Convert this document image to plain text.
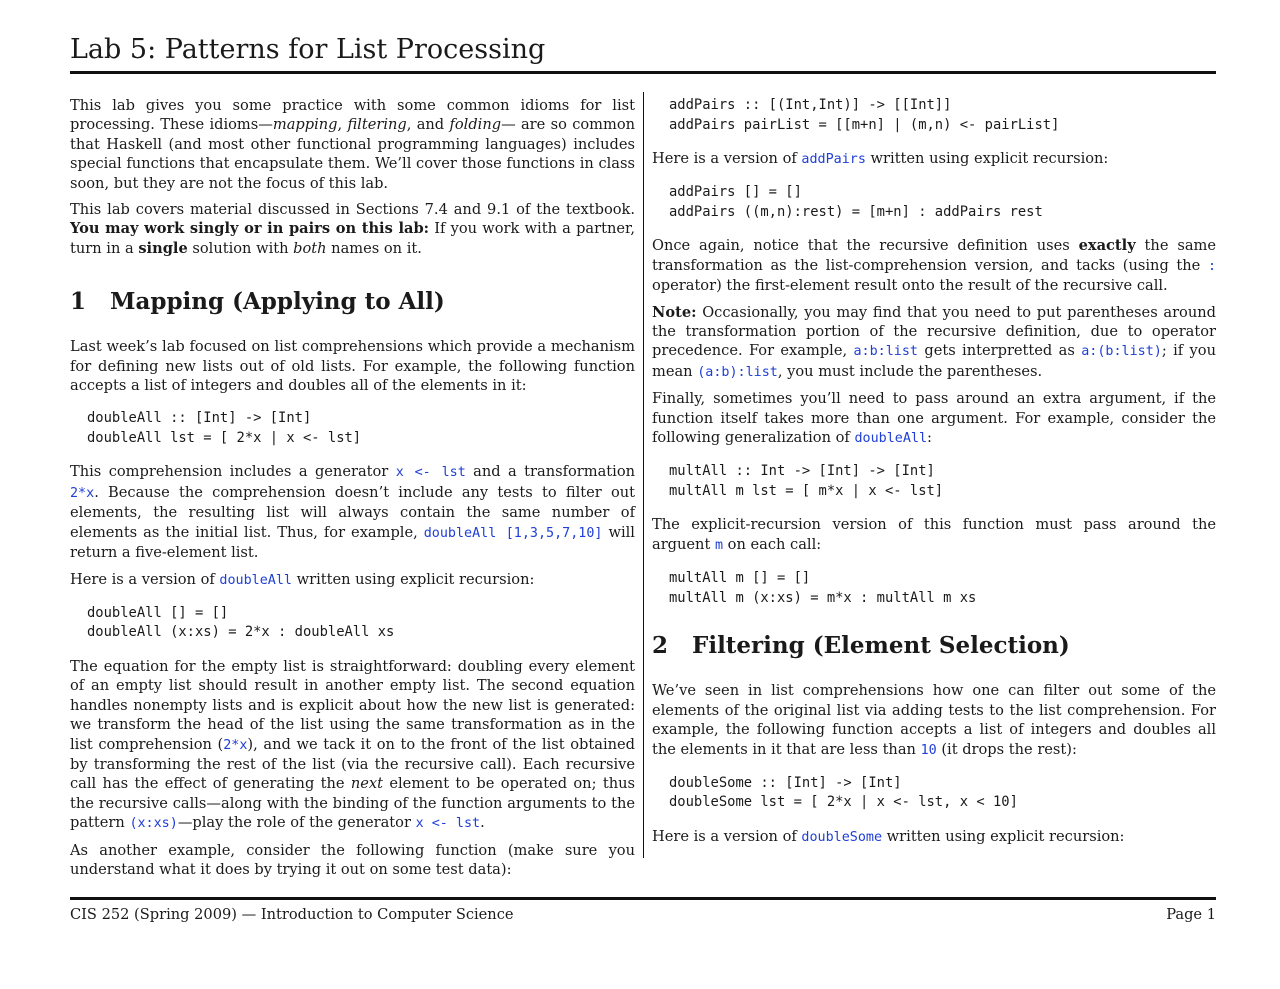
Lab 5: Patterns for List Processing

This lab gives you some practice with some common idioms for list processing. These idioms—mapping, filtering, and folding— are so common that Haskell (and most other functional programming languages) includes special functions that encapsulate them. We’ll cover those functions in class soon, but they are not the focus of this lab.

This lab covers material discussed in Sections 7.4 and 9.1 of the textbook. You may work singly or in pairs on this lab: If you work with a partner, turn in a single solution with both names on it.

1 Mapping (Applying to All)

Last week’s lab focused on list comprehensions which provide a mechanism for defining new lists out of old lists. For example, the following function accepts a list of integers and doubles all of the elements in it:

doubleAll :: [Int] -> [Int]
doubleAll lst = [ 2*x | x <- lst]

This comprehension includes a generator x <- lst and a transformation 2*x. Because the comprehension doesn’t include any tests to filter out elements, the resulting list will always contain the same number of elements as the initial list. Thus, for example, doubleAll [1,3,5,7,10] will return a five-element list.

Here is a version of doubleAll written using explicit recursion:

doubleAll [] = []
doubleAll (x:xs) = 2*x : doubleAll xs

The equation for the empty list is straightforward: doubling every element of an empty list should result in another empty list. The second equation handles nonempty lists and is explicit about how the new list is generated: we transform the head of the list using the same transformation as in the list comprehension (2*x), and we tack it on to the front of the list obtained by transforming the rest of the list (via the recursive call). Each recursive call has the effect of generating the next element to be operated on; thus the recursive calls—along with the binding of the function arguments to the pattern (x:xs)—play the role of the generator x <- lst.

As another example, consider the following function (make sure you understand what it does by trying it out on some test data):

addPairs :: [(Int,Int)] -> [[Int]]
addPairs pairList = [[m+n] | (m,n) <- pairList]

Here is a version of addPairs written using explicit recursion:

addPairs [] = []
addPairs ((m,n):rest) = [m+n] : addPairs rest

Once again, notice that the recursive definition uses exactly the same transformation as the list-comprehension version, and tacks (using the : operator) the first-element result onto the result of the recursive call.

Note: Occasionally, you may find that you need to put parentheses around the transformation portion of the recursive definition, due to operator precedence. For example, a:b:list gets interpretted as a:(b:list); if you mean (a:b):list, you must include the parentheses.

Finally, sometimes you’ll need to pass around an extra argument, if the function itself takes more than one argument. For example, consider the following generalization of doubleAll:

multAll :: Int -> [Int] -> [Int]
multAll m lst = [ m*x | x <- lst]

The explicit-recursion version of this function must pass around the arguent m on each call:

multAll m [] = []
multAll m (x:xs) = m*x : multAll m xs
2 Filtering (Element Selection)

We’ve seen in list comprehensions how one can filter out some of the elements of the original list via adding tests to the list comprehension. For example, the following function accepts a list of integers and doubles all the elements in it that are less than 10 (it drops the rest):

doubleSome :: [Int] -> [Int]
doubleSome lst = [ 2*x | x <- lst, x < 10]

Here is a version of doubleSome written using explicit recursion:

CIS 252 (Spring 2009) — Introduction to Computer Science	Page 1
